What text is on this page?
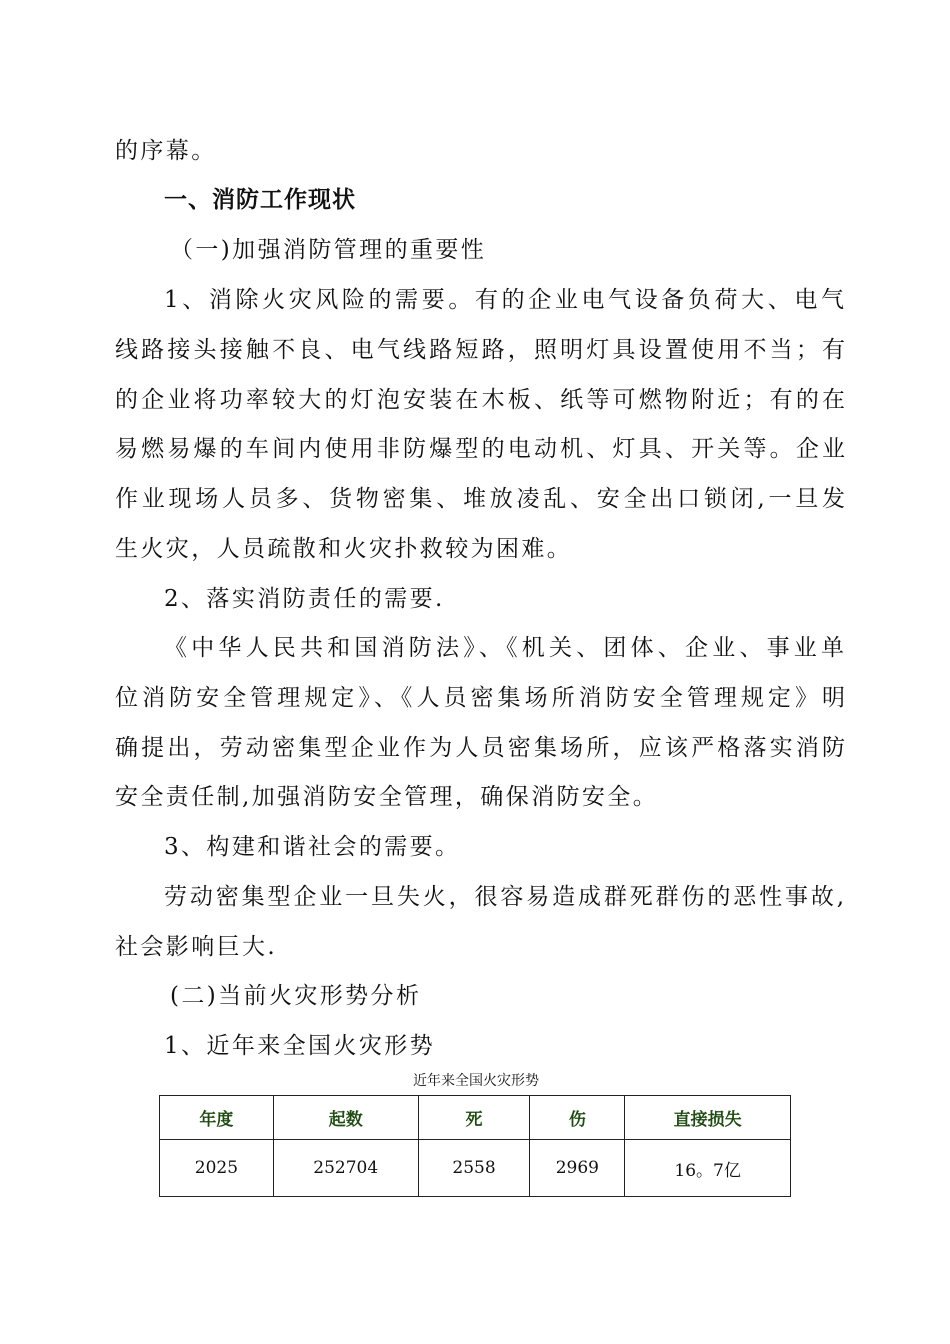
的序幕。
一、消防工作现状
（一)加强消防管理的重要性
1、消除火灾风险的需要。有的企业电气设备负荷大、电气
线路接头接触不良、电气线路短路，照明灯具设置使用不当；有
的企业将功率较大的灯泡安装在木板、纸等可燃物附近；有的在
易燃易爆的车间内使用非防爆型的电动机、灯具、开关等。企业
作业现场人员多、货物密集、堆放凌乱、安全出口锁闭,一旦发
生火灾，人员疏散和火灾扑救较为困难。
2、落实消防责任的需要.
《中华人民共和国消防法》、《机关、团体、企业、事业单
位消防安全管理规定》、《人员密集场所消防安全管理规定》明
确提出，劳动密集型企业作为人员密集场所，应该严格落实消防
安全责任制,加强消防安全管理，确保消防安全。
3、构建和谐社会的需要。
劳动密集型企业一旦失火，很容易造成群死群伤的恶性事故,
社会影响巨大.
(二)当前火灾形势分析
1、近年来全国火灾形势
近年来全国火灾形势
年度	起数	死	伤	直接损失
2025	252704	2558	2969	16。7亿
